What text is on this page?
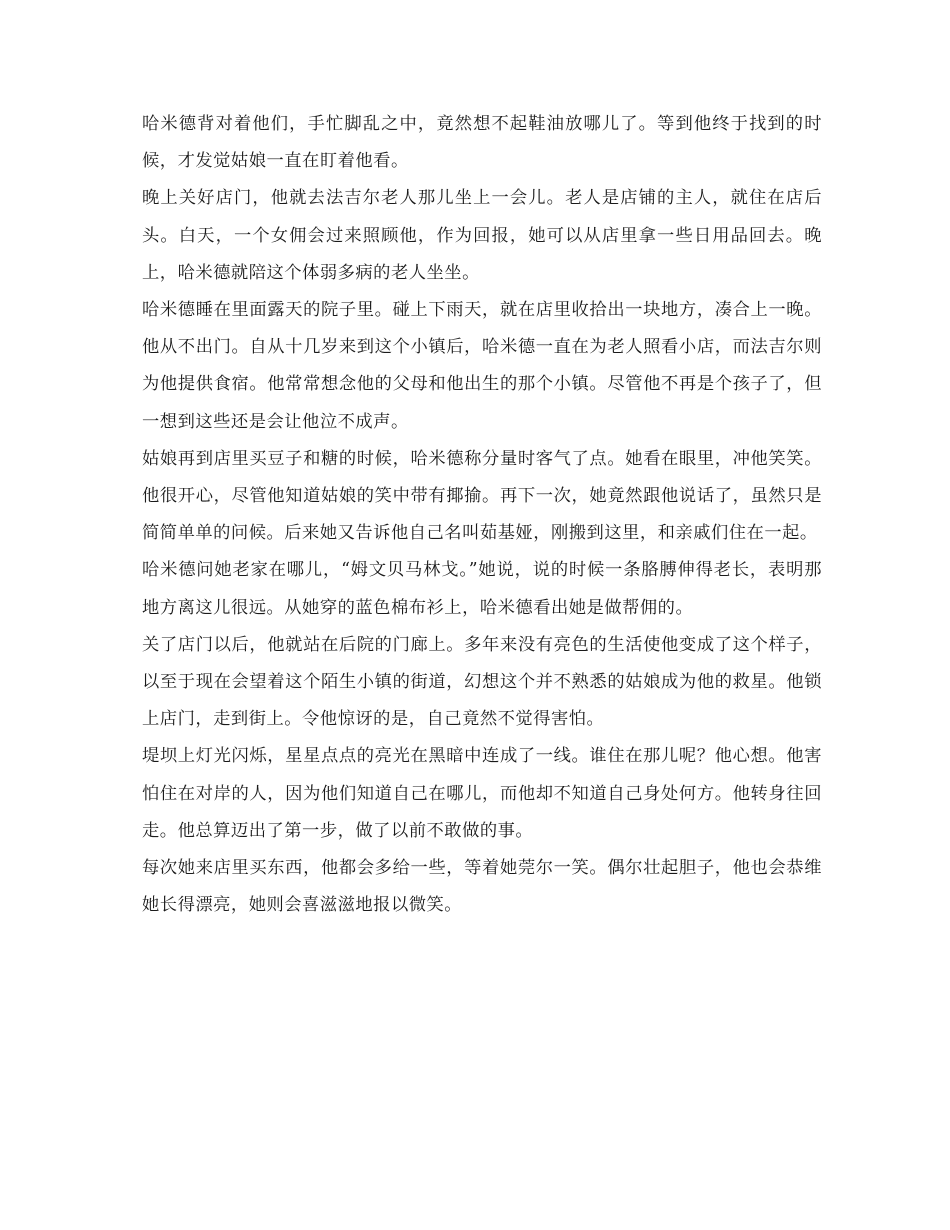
哈米德背对着他们，手忙脚乱之中，竟然想不起鞋油放哪儿了。等到他终于找到的时候，才发觉姑娘一直在盯着他看。

晚上关好店门，他就去法吉尔老人那儿坐上一会儿。老人是店铺的主人，就住在店后头。白天，一个女佣会过来照顾他，作为回报，她可以从店里拿一些日用品回去。晚上，哈米德就陪这个体弱多病的老人坐坐。

哈米德睡在里面露天的院子里。碰上下雨天，就在店里收拾出一块地方，凑合上一晚。他从不出门。自从十几岁来到这个小镇后，哈米德一直在为老人照看小店，而法吉尔则为他提供食宿。他常常想念他的父母和他出生的那个小镇。尽管他不再是个孩子了，但一想到这些还是会让他泣不成声。

姑娘再到店里买豆子和糖的时候，哈米德称分量时客气了点。她看在眼里，冲他笑笑。他很开心，尽管他知道姑娘的笑中带有揶揄。再下一次，她竟然跟他说话了，虽然只是简简单单的问候。后来她又告诉他自己名叫茹基娅，刚搬到这里，和亲戚们住在一起。

哈米德问她老家在哪儿，“姆文贝马林戈。”她说，说的时候一条胳膊伸得老长，表明那地方离这儿很远。从她穿的蓝色棉布衫上，哈米德看出她是做帮佣的。

关了店门以后，他就站在后院的门廊上。多年来没有亮色的生活使他变成了这个样子，以至于现在会望着这个陌生小镇的街道，幻想这个并不熟悉的姑娘成为他的救星。他锁上店门，走到街上。令他惊讶的是，自己竟然不觉得害怕。

堤坝上灯光闪烁，星星点点的亮光在黑暗中连成了一线。谁住在那儿呢？他心想。他害怕住在对岸的人，因为他们知道自己在哪儿，而他却不知道自己身处何方。他转身往回走。他总算迈出了第一步，做了以前不敢做的事。

每次她来店里买东西，他都会多给一些，等着她莞尔一笑。偶尔壮起胆子，他也会恭维她长得漂亮，她则会喜滋滋地报以微笑。
